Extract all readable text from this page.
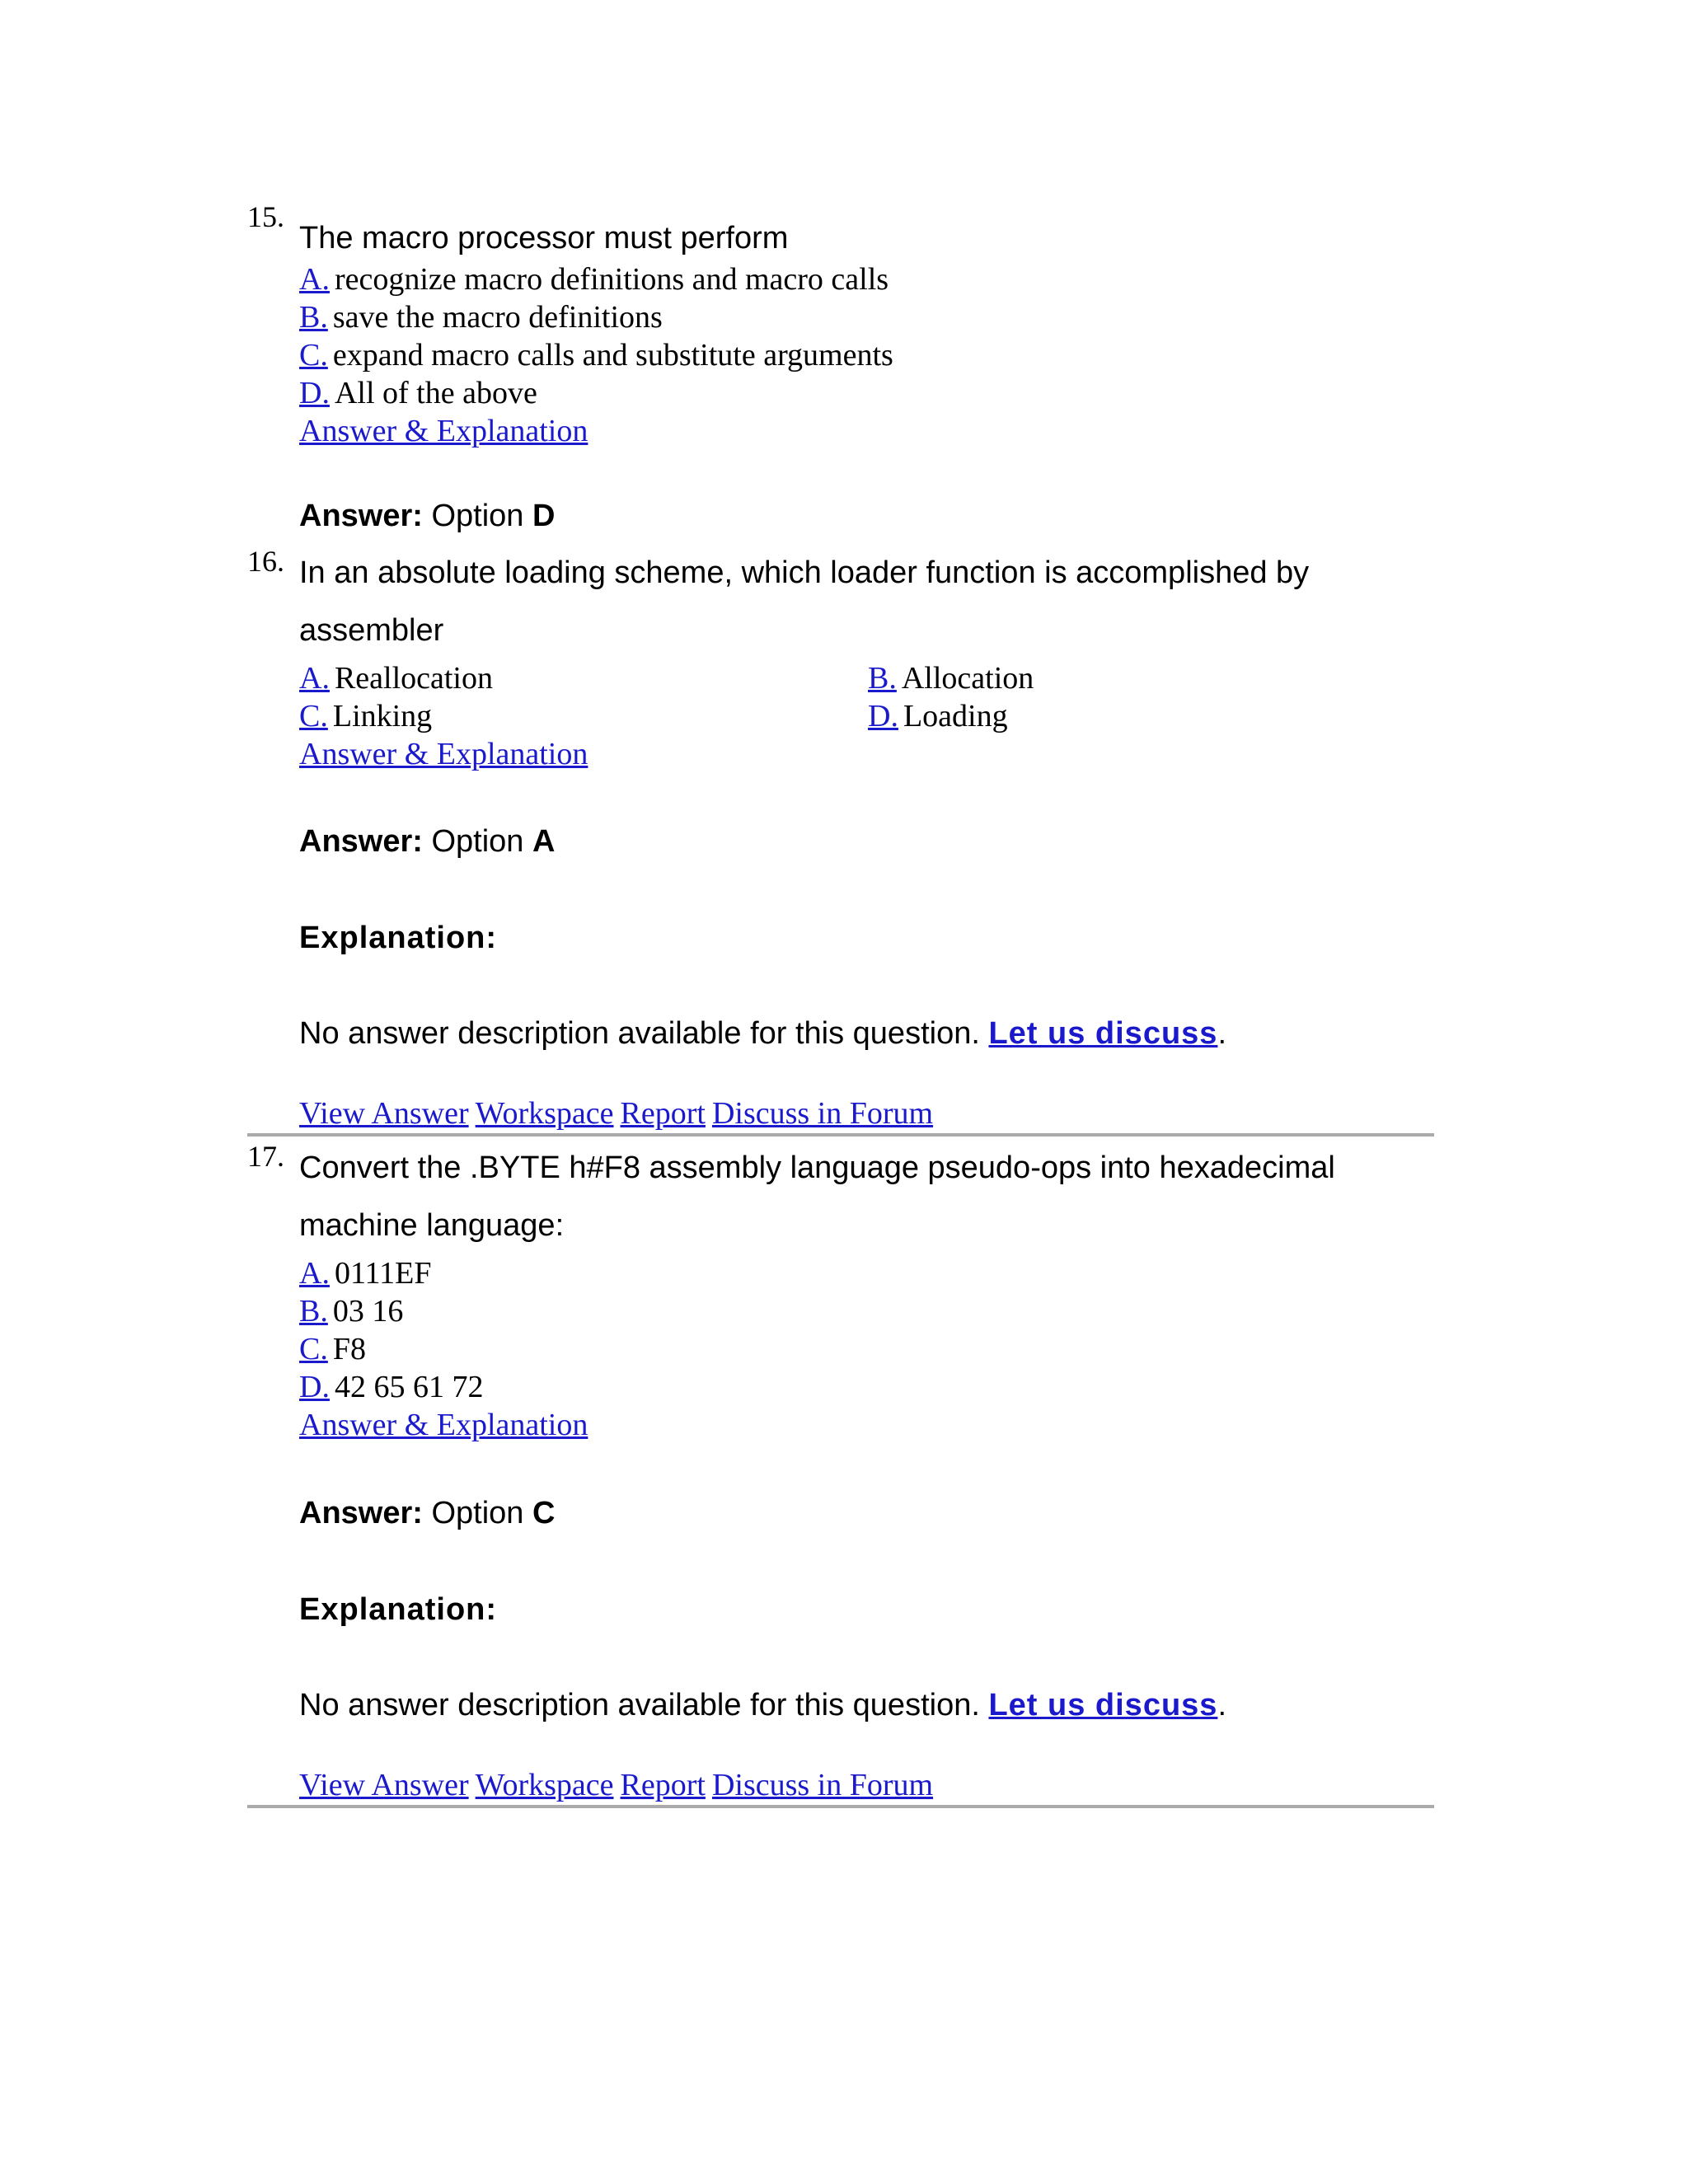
15.
The macro processor must perform
A. recognize macro definitions and macro calls
B. save the macro definitions
C. expand macro calls and substitute arguments
D. All of the above
Answer & Explanation
Answer: Option D
16. In an absolute loading scheme, which loader function is accomplished by assembler
A. Reallocation	B. Allocation
C. Linking	D. Loading
Answer & Explanation
Answer: Option A
Explanation:
No answer description available for this question. Let us discuss.
View Answer Workspace Report Discuss in Forum
17. Convert the .BYTE h#F8 assembly language pseudo-ops into hexadecimal machine language:
A. 0111EF
B. 03 16
C. F8
D. 42 65 61 72
Answer & Explanation
Answer: Option C
Explanation:
No answer description available for this question. Let us discuss.
View Answer Workspace Report Discuss in Forum
